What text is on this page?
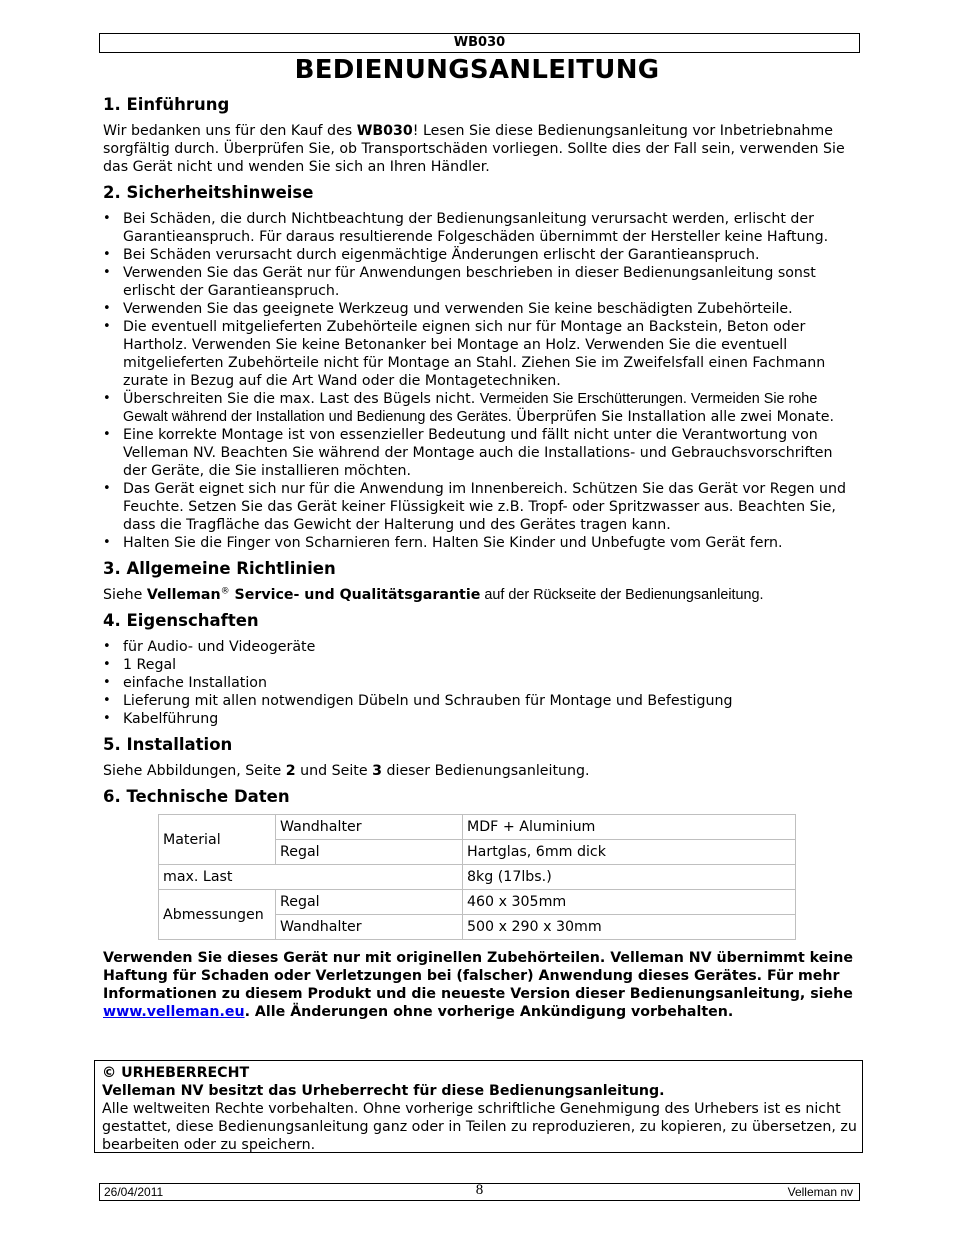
WB030
BEDIENUNGSANLEITUNG
1. Einführung

Wir bedanken uns für den Kauf des WB030! Lesen Sie diese Bedienungsanleitung vor Inbetriebnahme sorgfältig durch. Überprüfen Sie, ob Transportschäden vorliegen. Sollte dies der Fall sein, verwenden Sie das Gerät nicht und wenden Sie sich an Ihren Händler.

2. Sicherheitshinweise
• Bei Schäden, die durch Nichtbeachtung der Bedienungsanleitung verursacht werden, erlischt der Garantieanspruch. Für daraus resultierende Folgeschäden übernimmt der Hersteller keine Haftung.
• Bei Schäden verursacht durch eigenmächtige Änderungen erlischt der Garantieanspruch.
• Verwenden Sie das Gerät nur für Anwendungen beschrieben in dieser Bedienungsanleitung sonst erlischt der Garantieanspruch.
• Verwenden Sie das geeignete Werkzeug und verwenden Sie keine beschädigten Zubehörteile.
• Die eventuell mitgelieferten Zubehörteile eignen sich nur für Montage an Backstein, Beton oder Hartholz. Verwenden Sie keine Betonanker bei Montage an Holz. Verwenden Sie die eventuell mitgelieferten Zubehörteile nicht für Montage an Stahl. Ziehen Sie im Zweifelsfall einen Fachmann zurate in Bezug auf die Art Wand oder die Montagetechniken.
• Überschreiten Sie die max. Last des Bügels nicht. Vermeiden Sie Erschütterungen. Vermeiden Sie rohe Gewalt während der Installation und Bedienung des Gerätes. Überprüfen Sie Installation alle zwei Monate.
• Eine korrekte Montage ist von essenzieller Bedeutung und fällt nicht unter die Verantwortung von Velleman NV. Beachten Sie während der Montage auch die Installations- und Gebrauchsvorschriften der Geräte, die Sie installieren möchten.
• Das Gerät eignet sich nur für die Anwendung im Innenbereich. Schützen Sie das Gerät vor Regen und Feuchte. Setzen Sie das Gerät keiner Flüssigkeit wie z.B. Tropf- oder Spritzwasser aus. Beachten Sie, dass die Tragfläche das Gewicht der Halterung und des Gerätes tragen kann.
• Halten Sie die Finger von Scharnieren fern. Halten Sie Kinder und Unbefugte vom Gerät fern.
3. Allgemeine Richtlinien

Siehe Velleman® Service- und Qualitätsgarantie auf der Rückseite der Bedienungsanleitung.

4. Eigenschaften
• für Audio- und Videogeräte
• 1 Regal
• einfache Installation
• Lieferung mit allen notwendigen Dübeln und Schrauben für Montage und Befestigung
• Kabelführung
5. Installation

Siehe Abbildungen, Seite 2 und Seite 3 dieser Bedienungsanleitung.

6. Technische Daten
Material	Wandhalter	MDF + Aluminium
	Regal	Hartglas, 6mm dick
max. Last		8kg (17lbs.)
Abmessungen	Regal	460 x 305mm
	Wandhalter	500 x 290 x 30mm

Verwenden Sie dieses Gerät nur mit originellen Zubehörteilen. Velleman NV übernimmt keine Haftung für Schaden oder Verletzungen bei (falscher) Anwendung dieses Gerätes. Für mehr Informationen zu diesem Produkt und die neueste Version dieser Bedienungsanleitung, siehe www.velleman.eu. Alle Änderungen ohne vorherige Ankündigung vorbehalten.

© URHEBERRECHT
Velleman NV besitzt das Urheberrecht für diese Bedienungsanleitung.
Alle weltweiten Rechte vorbehalten. Ohne vorherige schriftliche Genehmigung des Urhebers ist es nicht gestattet, diese Bedienungsanleitung ganz oder in Teilen zu reproduzieren, zu kopieren, zu übersetzen, zu bearbeiten oder zu speichern.
26/04/2011	8	Velleman nv
